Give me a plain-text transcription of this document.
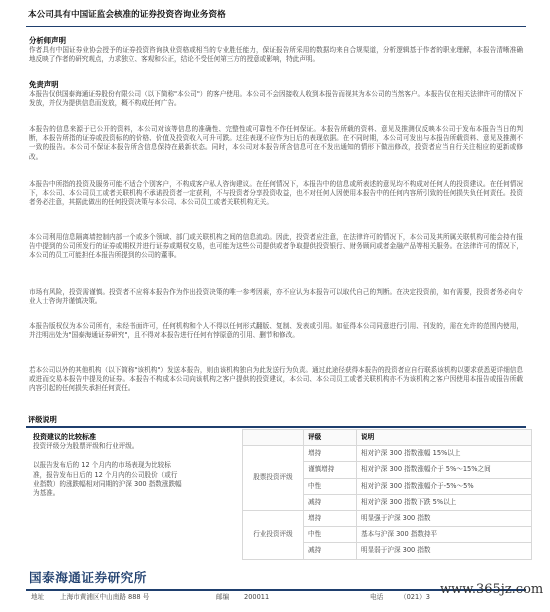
本公司具有中国证监会核准的证券投资咨询业务资格
分析师声明
作者具有中国证券业协会授予的证券投资咨询执业资格或相当的专业胜任能力，保证报告所采用的数据均来自合规渠道，分析逻辑基于作者的职业理解，本报告清晰准确地反映了作者的研究观点，力求独立、客观和公正，结论不受任何第三方的授意或影响，特此声明。
免责声明
本报告仅供国泰海通证券股份有限公司（以下简称"本公司"）的客户使用。本公司不会因接收人收到本报告而视其为本公司的当然客户。本报告仅在相关法律许可的情况下发放，并仅为提供信息而发放，概不构成任何广告。
本报告的信息来源于已公开的资料，本公司对该等信息的准确性、完整性或可靠性不作任何保证。本报告所载的资料、意见及推测仅反映本公司于发布本报告当日的判断，本报告所指的证券或投资标的的价格、价值及投资收入可升可跌。过往表现不应作为日后的表现依据。在不同时期，本公司可发出与本报告所载资料、意见及推测不一致的报告。本公司不保证本报告所含信息保持在最新状态。同时，本公司对本报告所含信息可在不发出通知的情形下做出修改，投资者应当自行关注相应的更新或修改。
本报告中所指的投资及服务可能不适合个别客户，不构成客户私人咨询建议。在任何情况下，本报告中的信息或所表述的意见均不构成对任何人的投资建议。在任何情况下，本公司、本公司员工或者关联机构不承诺投资者一定获利，不与投资者分享投资收益，也不对任何人因使用本报告中的任何内容所引致的任何损失负任何责任。投资者务必注意，其据此做出的任何投资决策与本公司、本公司员工或者关联机构无关。
本公司利用信息隔离墙控制内部一个或多个领域、部门或关联机构之间的信息流动。因此，投资者应注意，在法律许可的情况下，本公司及其所属关联机构可能会持有报告中提到的公司所发行的证券或期权并进行证券或期权交易，也可能为这些公司提供或者争取提供投资银行、财务顾问或者金融产品等相关服务。在法律许可的情况下，本公司的员工可能担任本报告所提到的公司的董事。
市场有风险，投资需谨慎。投资者不应将本报告作为作出投资决策的唯一参考因素，亦不应认为本报告可以取代自己的判断。在决定投资前，如有需要，投资者务必向专业人士咨询并谨慎决策。
本报告版权仅为本公司所有，未经书面许可，任何机构和个人不得以任何形式翻版、复制、发表或引用。如征得本公司同意进行引用、刊发的，需在允许的范围内使用，并注明出处为"国泰海通证券研究"，且不得对本报告进行任何有悖原意的引用、删节和修改。
若本公司以外的其他机构（以下简称"该机构"）发送本报告，则由该机构独自为此发送行为负责。通过此途径获得本报告的投资者应自行联系该机构以要求获悉更详细信息或进而交易本报告中提及的证券。本报告不构成本公司向该机构之客户提供的投资建议，本公司、本公司员工或者关联机构亦不为该机构之客户因使用本报告或报告所载内容引起的任何损失承担任何责任。
评级说明
投资建议的比较标准
投资评级分为股票评级和行业评级。
以报告发布后的 12 个月内的市场表现为比较标准，报告发布日后的 12 个月内的公司股价（或行业指数）的涨跌幅相对同期的沪深 300 指数涨跌幅为基准。
	评级	说明
股票投资评级	增持	相对沪深 300 指数涨幅 15%以上
	谨慎增持	相对沪深 300 指数涨幅介于 5%～15%之间
	中性	相对沪深 300 指数涨幅介于-5%～5%
	减持	相对沪深 300 指数下跌 5%以上
行业投资评级	增持	明显强于沪深 300 指数
	中性	基本与沪深 300 指数持平
	减持	明显弱于沪深 300 指数
国泰海通证券研究所
地址 上海市黄浦区中山南路 888 号	邮编 200011	电话	（021）3 www.365jz.com
